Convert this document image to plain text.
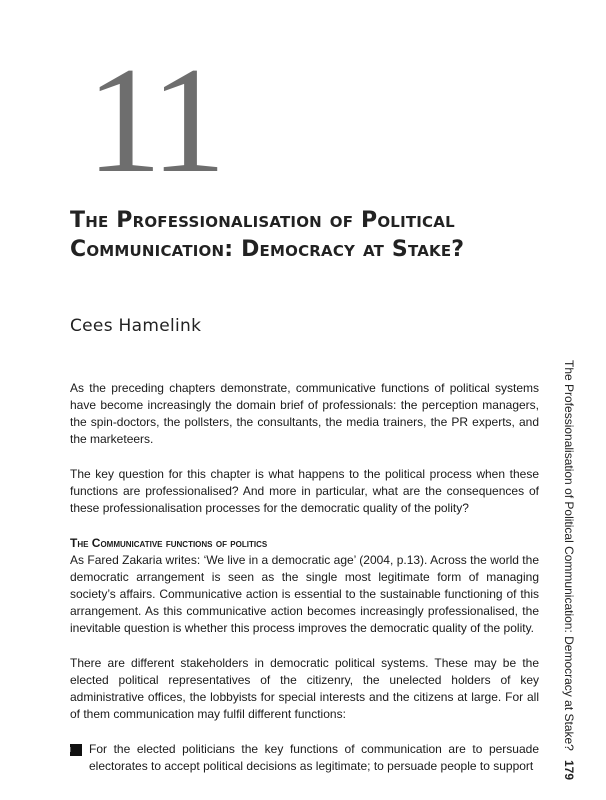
11
The Professionalisation of Political
Communication: Democracy at Stake?
Cees Hamelink

As the preceding chapters demonstrate, communicative functions of political systems have become increasingly the domain brief of professionals: the perception managers, the spin-doctors, the pollsters, the consultants, the media trainers, the PR experts, and the marketeers.

The key question for this chapter is what happens to the political process when these functions are professionalised? And more in particular, what are the consequences of these professionalisation processes for the democratic quality of the polity?

The Communicative functions of politics

As Fared Zakaria writes: ‘We live in a democratic age’ (2004, p.13). Across the world the democratic arrangement is seen as the single most legitimate form of managing society’s affairs. Communicative action is essential to the sustainable functioning of this arrangement. As this communicative action becomes increasingly professionalised, the inevitable question is whether this process improves the democratic quality of the polity.

There are different stakeholders in democratic political systems. These may be the elected political representatives of the citizenry, the unelected holders of key administrative offices, the lobbyists for special interests and the citizens at large. For all of them communication may fulfil different functions:

For the elected politicians the key functions of communication are to persuade electorates to accept political decisions as legitimate; to persuade people to support
The Professionalisation of Political Communication: Democracy at Stake?
179
